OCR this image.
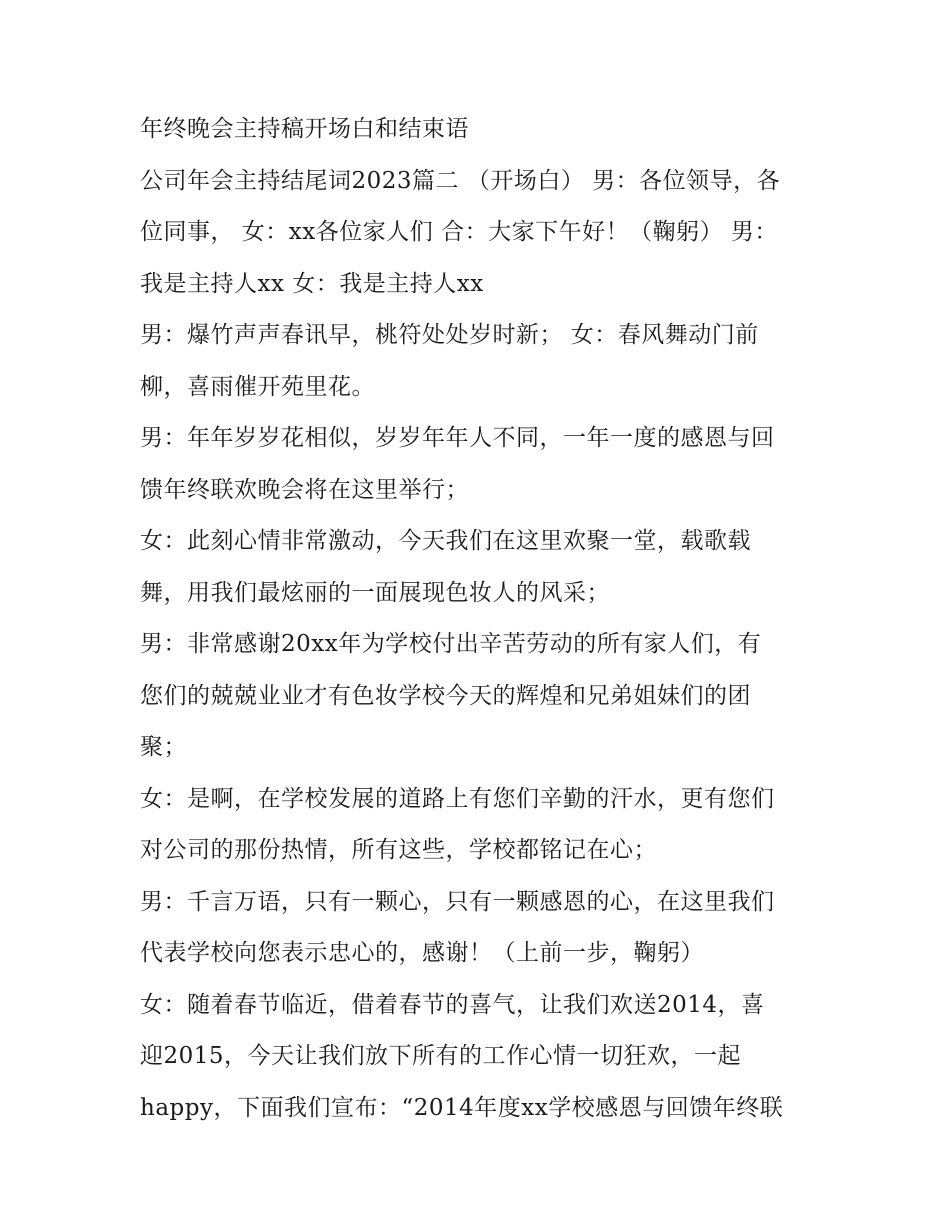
年终晚会主持稿开场白和结束语
公司年会主持结尾词2023篇二 （开场白） 男：各位领导，各
位同事， 女：xx各位家人们 合：大家下午好！（鞠躬） 男：
我是主持人xx 女：我是主持人xx
男：爆竹声声春讯早，桃符处处岁时新； 女：春风舞动门前
柳，喜雨催开苑里花。
男：年年岁岁花相似，岁岁年年人不同，一年一度的感恩与回
馈年终联欢晚会将在这里举行；
女：此刻心情非常激动，今天我们在这里欢聚一堂，载歌载
舞，用我们最炫丽的一面展现色妆人的风采；
男：非常感谢20xx年为学校付出辛苦劳动的所有家人们，有
您们的兢兢业业才有色妆学校今天的辉煌和兄弟姐妹们的团
聚；
女：是啊，在学校发展的道路上有您们辛勤的汗水，更有您们
对公司的那份热情，所有这些，学校都铭记在心；
男：千言万语，只有一颗心，只有一颗感恩的心，在这里我们
代表学校向您表示忠心的，感谢！（上前一步，鞠躬）
女：随着春节临近，借着春节的喜气，让我们欢送2014，喜
迎2015，今天让我们放下所有的工作心情一切狂欢，一起
happy，下面我们宣布：“2014年度xx学校感恩与回馈年终联
